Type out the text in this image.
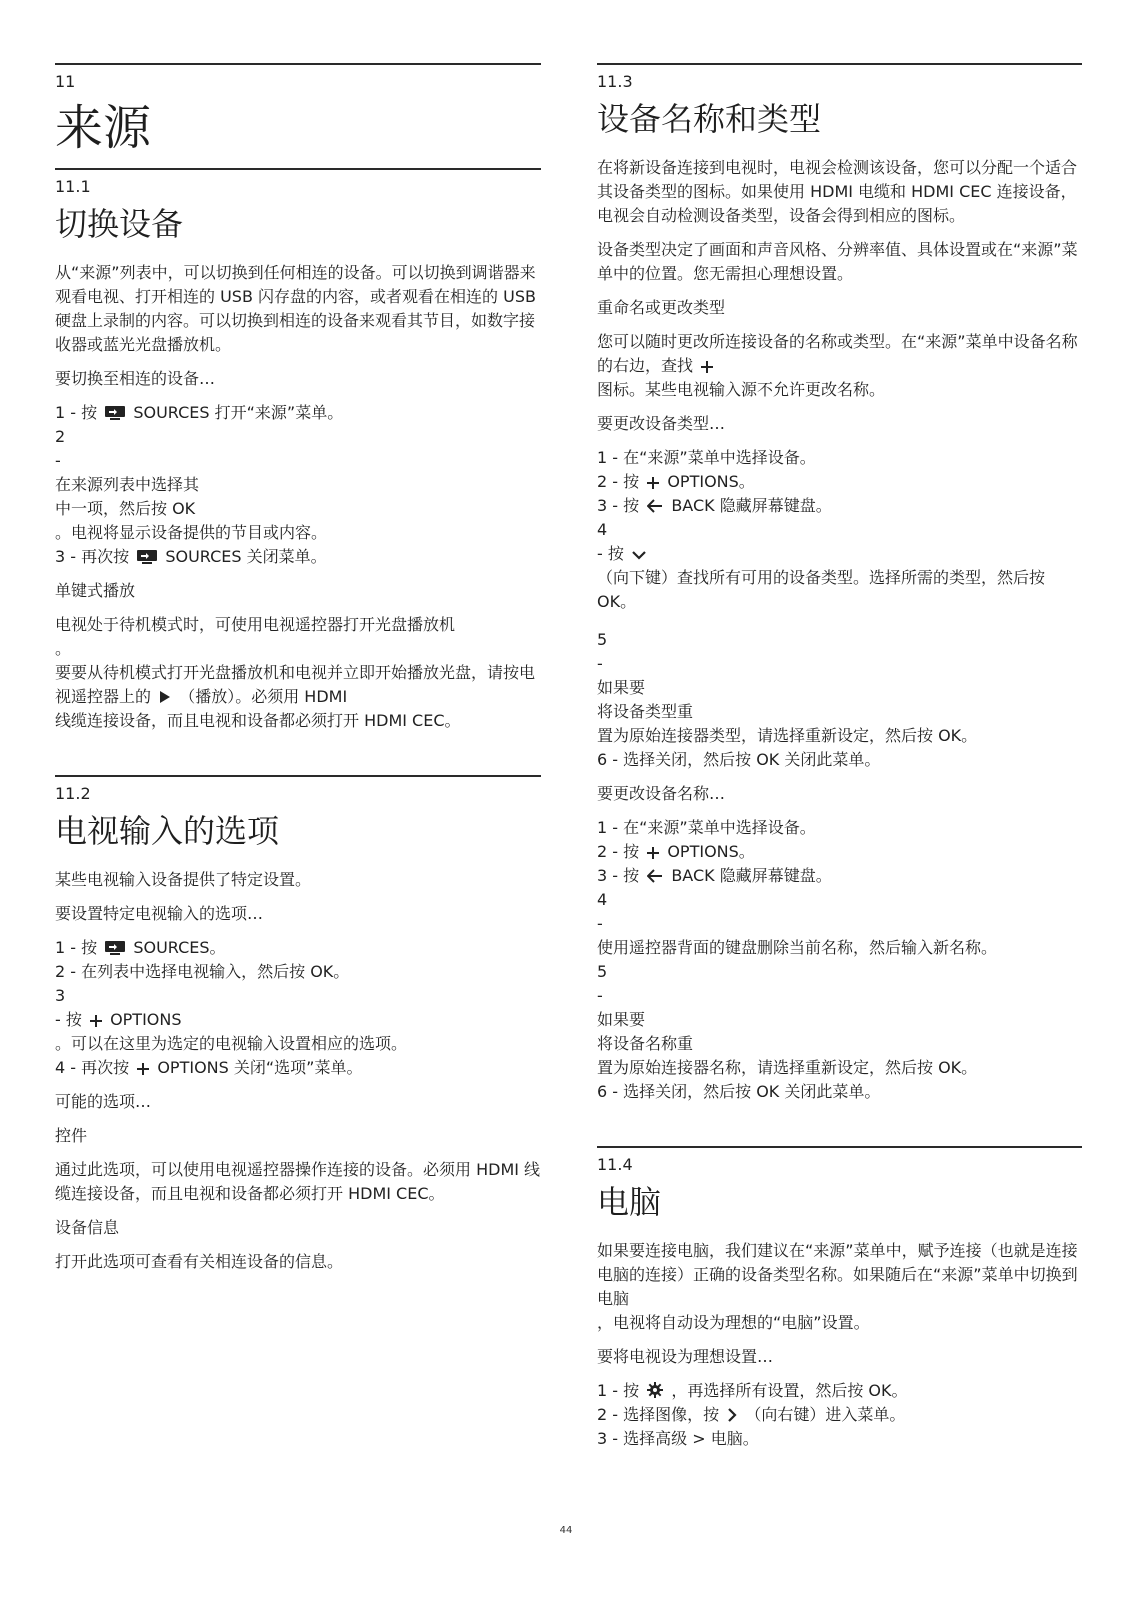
11
来源
11.1
切换设备

从“来源”列表中，可以切换到任何相连的设备。可以切换到调谐器来观看电视、打开相连的 USB 闪存盘的内容，或者观看在相连的 USB 硬盘上录制的内容。可以切换到相连的设备来观看其节目，如数字接收器或蓝光光盘播放机。

要切换至相连的设备…

1 - 按 SOURCES 打开“来源”菜单。

2

-

在来源列表中选择其

中一项，然后按 OK

。电视将显示设备提供的节目或内容。

3 - 再次按 SOURCES 关闭菜单。

单键式播放

电视处于待机模式时，可使用电视遥控器打开光盘播放机

。

要要从待机模式打开光盘播放机和电视并立即开始播放光盘，请按电视遥控器上的 （播放）。必须用 HDMI

线缆连接设备，而且电视和设备都必须打开 HDMI CEC。

11.2
电视输入的选项

某些电视输入设备提供了特定设置。

要设置特定电视输入的选项…

1 - 按 SOURCES。

2 - 在列表中选择电视输入，然后按 OK。

3

- 按 OPTIONS

。可以在这里为选定的电视输入设置相应的选项。

4 - 再次按 OPTIONS 关闭“选项”菜单。

可能的选项…

控件

通过此选项，可以使用电视遥控器操作连接的设备。必须用 HDMI 线缆连接设备，而且电视和设备都必须打开 HDMI CEC。

设备信息

打开此选项可查看有关相连设备的信息。

11.3
设备名称和类型

在将新设备连接到电视时，电视会检测该设备，您可以分配一个适合其设备类型的图标。如果使用 HDMI 电缆和 HDMI CEC 连接设备，电视会自动检测设备类型，设备会得到相应的图标。

设备类型决定了画面和声音风格、分辨率值、具体设置或在“来源”菜单中的位置。您无需担心理想设置。

重命名或更改类型

您可以随时更改所连接设备的名称或类型。在“来源”菜单中设备名称的右边，查找

图标。某些电视输入源不允许更改名称。

要更改设备类型…

1 - 在“来源”菜单中选择设备。

2 - 按 OPTIONS。

3 - 按 BACK 隐藏屏幕键盘。

4

- 按

（向下键）查找所有可用的设备类型。选择所需的类型，然后按 OK。

5

-

如果要

将设备类型重

置为原始连接器类型，请选择重新设定，然后按 OK。

6 - 选择关闭，然后按 OK 关闭此菜单。

要更改设备名称…

1 - 在“来源”菜单中选择设备。

2 - 按 OPTIONS。

3 - 按 BACK 隐藏屏幕键盘。

4

-

使用遥控器背面的键盘删除当前名称，然后输入新名称。

5

-

如果要

将设备名称重

置为原始连接器名称，请选择重新设定，然后按 OK。

6 - 选择关闭，然后按 OK 关闭此菜单。

11.4
电脑

如果要连接电脑，我们建议在“来源”菜单中，赋予连接（也就是连接电脑的连接）正确的设备类型名称。如果随后在“来源”菜单中切换到电脑

，电视将自动设为理想的“电脑”设置。

要将电视设为理想设置…

1 - 按 ，再选择所有设置，然后按 OK。

2 - 选择图像，按 （向右键）进入菜单。

3 - 选择高级 > 电脑。

44
